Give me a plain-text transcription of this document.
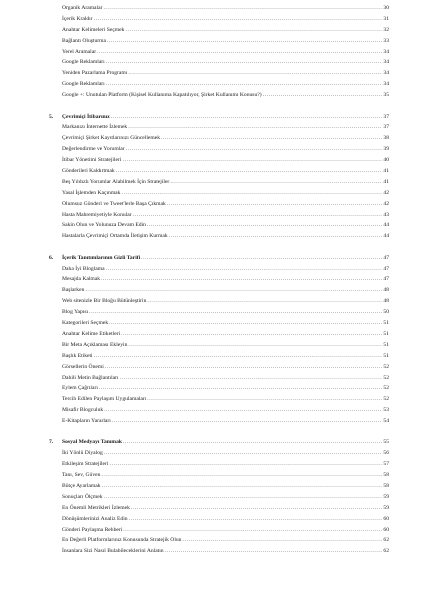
Organik Aramalar .....	30
İçerik Kraldır .....	31
Anahtar Kelimeleri Seçmek .....	32
Bağlantı Oluşturma .....	33
Yerel Aramalar .....	34
Google Reklamları .....	34
Yeniden Pazarlama Programı .....	34
Google Reklamları .....	34
Google +: Unutulan Platform (Kişisel Kullanıma Kapatılıyor, Şirket Kullanımı Konusu?) .....	35
5. Çevrimiçi İtibarınız .....	37
Markanızı İnternette İzlemek .....	37
Çevrimiçi Şirket Kayıtlarınızı Güncellemek .....	38
Değerlendirme ve Yorumlar .....	39
İtibar Yönetimi Stratejileri .....	40
Gönderileri Kaldırtmak .....	41
Beş Yıldızlı Yorumlar Alabilmek İçin Stratejiler .....	41
Yasal İşlemden Kaçınmak .....	42
Olumsuz Gönderi ve Tweet'lerle Başa Çıkmak .....	42
Hasta Mahremiyetiyle Konular .....	43
Sakin Olun ve Yolunuza Devam Edin .....	44
Hastalarla Çevrimiçi Ortamda İletişim Kurmak .....	44
6. İçerik Tanıtımlarının Gizli Tarifi .....	47
Daha İyi Bloglama .....	47
Mesajda Kalmak .....	47
Başlarken .....	48
Web sitenizle Bir Bloğu Bütünleştirin .....	48
Blog Yapısı .....	50
Kategorileri Seçmek .....	51
Anahtar Kelime Etiketleri .....	51
Bir Meta Açıklaması Ekleyin .....	51
Başlık Etiketi .....	51
Görsellerin Önemi .....	52
Dahili Metin Bağlantıları .....	52
Eylem Çağrıları .....	52
Tercih Edilen Paylaşım Uygulamaları .....	52
Misafir Blogculuk .....	53
E-Kitapların Yararları .....	54
7. Sosyal Medyayı Tanımak .....	55
İki Yönlü Diyalog .....	56
Etkileşim Stratejileri .....	57
Tanı, Sev, Güven .....	58
Bütçe Ayarlamak .....	58
Sonuçları Ölçmek .....	59
En Önemli Metrikleri İzlemek .....	59
Dönüşümlerinizi Analiz Edin .....	60
Gönderi Paylaşma Rehberi .....	60
En Değerli Platformlarınız Konusunda Stratejik Olun .....	62
İnsanlara Sizi Nasıl Bulabileceklerini Anlatın .....	62
